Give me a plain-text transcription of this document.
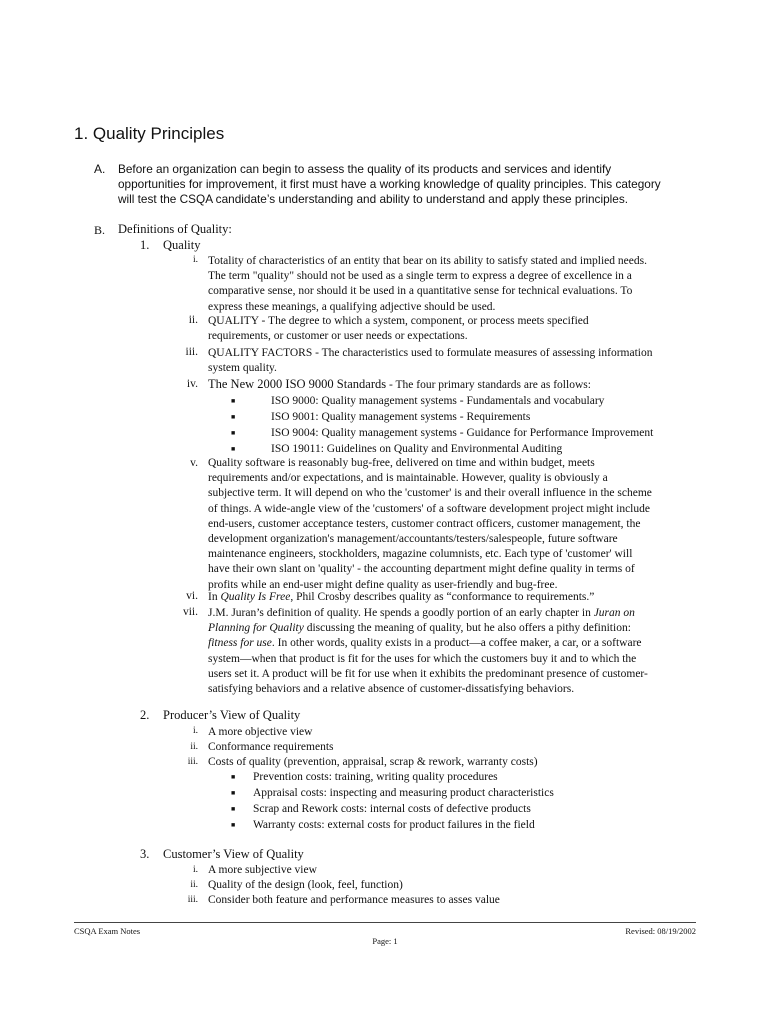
1. Quality Principles
A. Before an organization can begin to assess the quality of its products and services and identify
opportunities for improvement, it first must have a working knowledge of quality principles. This category
will test the CSQA candidate’s understanding and ability to understand and apply these principles.
B. Definitions of Quality:
1. Quality
i. Totality of characteristics of an entity that bear on its ability to satisfy stated and implied needs.
The term "quality" should not be used as a single term to express a degree of excellence in a
comparative sense, nor should it be used in a quantitative sense for technical evaluations. To
express these meanings, a qualifying adjective should be used.
ii. QUALITY - The degree to which a system, component, or process meets specified
requirements, or customer or user needs or expectations.
iii. QUALITY FACTORS - The characteristics used to formulate measures of assessing information
system quality.
iv. The New 2000 ISO 9000 Standards - The four primary standards are as follows:
■	ISO 9000: Quality management systems - Fundamentals and vocabulary
■	ISO 9001: Quality management systems - Requirements
■	ISO 9004: Quality management systems - Guidance for Performance Improvement
■	ISO 19011: Guidelines on Quality and Environmental Auditing
v. Quality software is reasonably bug-free, delivered on time and within budget, meets
requirements and/or expectations, and is maintainable. However, quality is obviously a
subjective term. It will depend on who the 'customer' is and their overall influence in the scheme
of things. A wide-angle view of the 'customers' of a software development project might include
end-users, customer acceptance testers, customer contract officers, customer management, the
development organization's management/accountants/testers/salespeople, future software
maintenance engineers, stockholders, magazine columnists, etc. Each type of 'customer' will
have their own slant on 'quality' - the accounting department might define quality in terms of
profits while an end-user might define quality as user-friendly and bug-free.
vi. In Quality Is Free, Phil Crosby describes quality as “conformance to requirements.”
vii. J.M. Juran’s definition of quality. He spends a goodly portion of an early chapter in Juran on
Planning for Quality discussing the meaning of quality, but he also offers a pithy definition:
fitness for use. In other words, quality exists in a product—a coffee maker, a car, or a software
system—when that product is fit for the uses for which the customers buy it and to which the
users set it. A product will be fit for use when it exhibits the predominant presence of customer-
satisfying behaviors and a relative absence of customer-dissatisfying behaviors.
2. Producer’s View of Quality
i. A more objective view
ii. Conformance requirements
iii. Costs of quality (prevention, appraisal, scrap & rework, warranty costs)
■ Prevention costs: training, writing quality procedures
■ Appraisal costs: inspecting and measuring product characteristics
■ Scrap and Rework costs: internal costs of defective products
■ Warranty costs: external costs for product failures in the field
3. Customer’s View of Quality
i. A more subjective view
ii. Quality of the design (look, feel, function)
iii. Consider both feature and performance measures to asses value
CSQA Exam Notes	Revised: 08/19/2002
Page: 1
